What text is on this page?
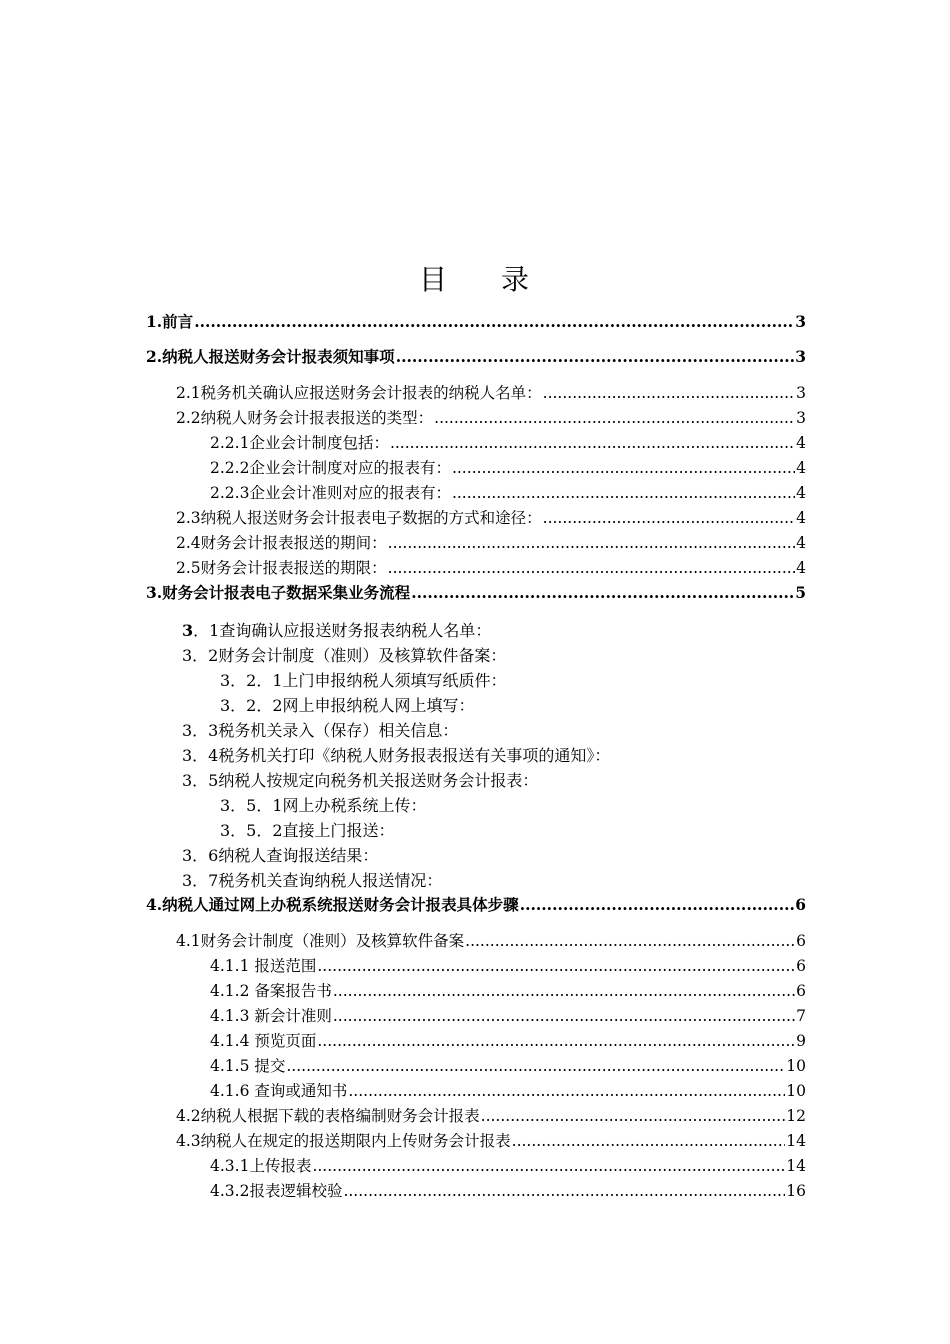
目 录
1.前言 .....	3
2.纳税人报送财务会计报表须知事项 .....	3
2.1税务机关确认应报送财务会计报表的纳税人名单： .....	3
2.2纳税人财务会计报表报送的类型： .....	3
2.2.1企业会计制度包括： .....	4
2.2.2企业会计制度对应的报表有： .....	4
2.2.3企业会计准则对应的报表有： .....	4
2.3纳税人报送财务会计报表电子数据的方式和途径： .....	4
2.4财务会计报表报送的期间： .....	4
2.5财务会计报表报送的期限： .....	4
3.财务会计报表电子数据采集业务流程 .....	5
3．1查询确认应报送财务报表纳税人名单：
3．2财务会计制度（准则）及核算软件备案：
3．2．1上门申报纳税人须填写纸质件：
3．2．2网上申报纳税人网上填写：
3．3税务机关录入（保存）相关信息：
3．4税务机关打印《纳税人财务报表报送有关事项的通知》：
3．5纳税人按规定向税务机关报送财务会计报表：
3．5．1网上办税系统上传：
3．5．2直接上门报送：
3．6纳税人查询报送结果：
3．7税务机关查询纳税人报送情况：
4.纳税人通过网上办税系统报送财务会计报表具体步骤 .....	6
4.1财务会计制度（准则）及核算软件备案 .....	6
4.1.1 报送范围 .....	6
4.1.2 备案报告书 .....	6
4.1.3 新会计准则 .....	7
4.1.4 预览页面 .....	9
4.1.5 提交 .....	10
4.1.6 查询或通知书 .....	10
4.2纳税人根据下载的表格编制财务会计报表 .....	12
4.3纳税人在规定的报送期限内上传财务会计报表 .....	14
4.3.1上传报表 .....	14
4.3.2报表逻辑校验 .....	16
